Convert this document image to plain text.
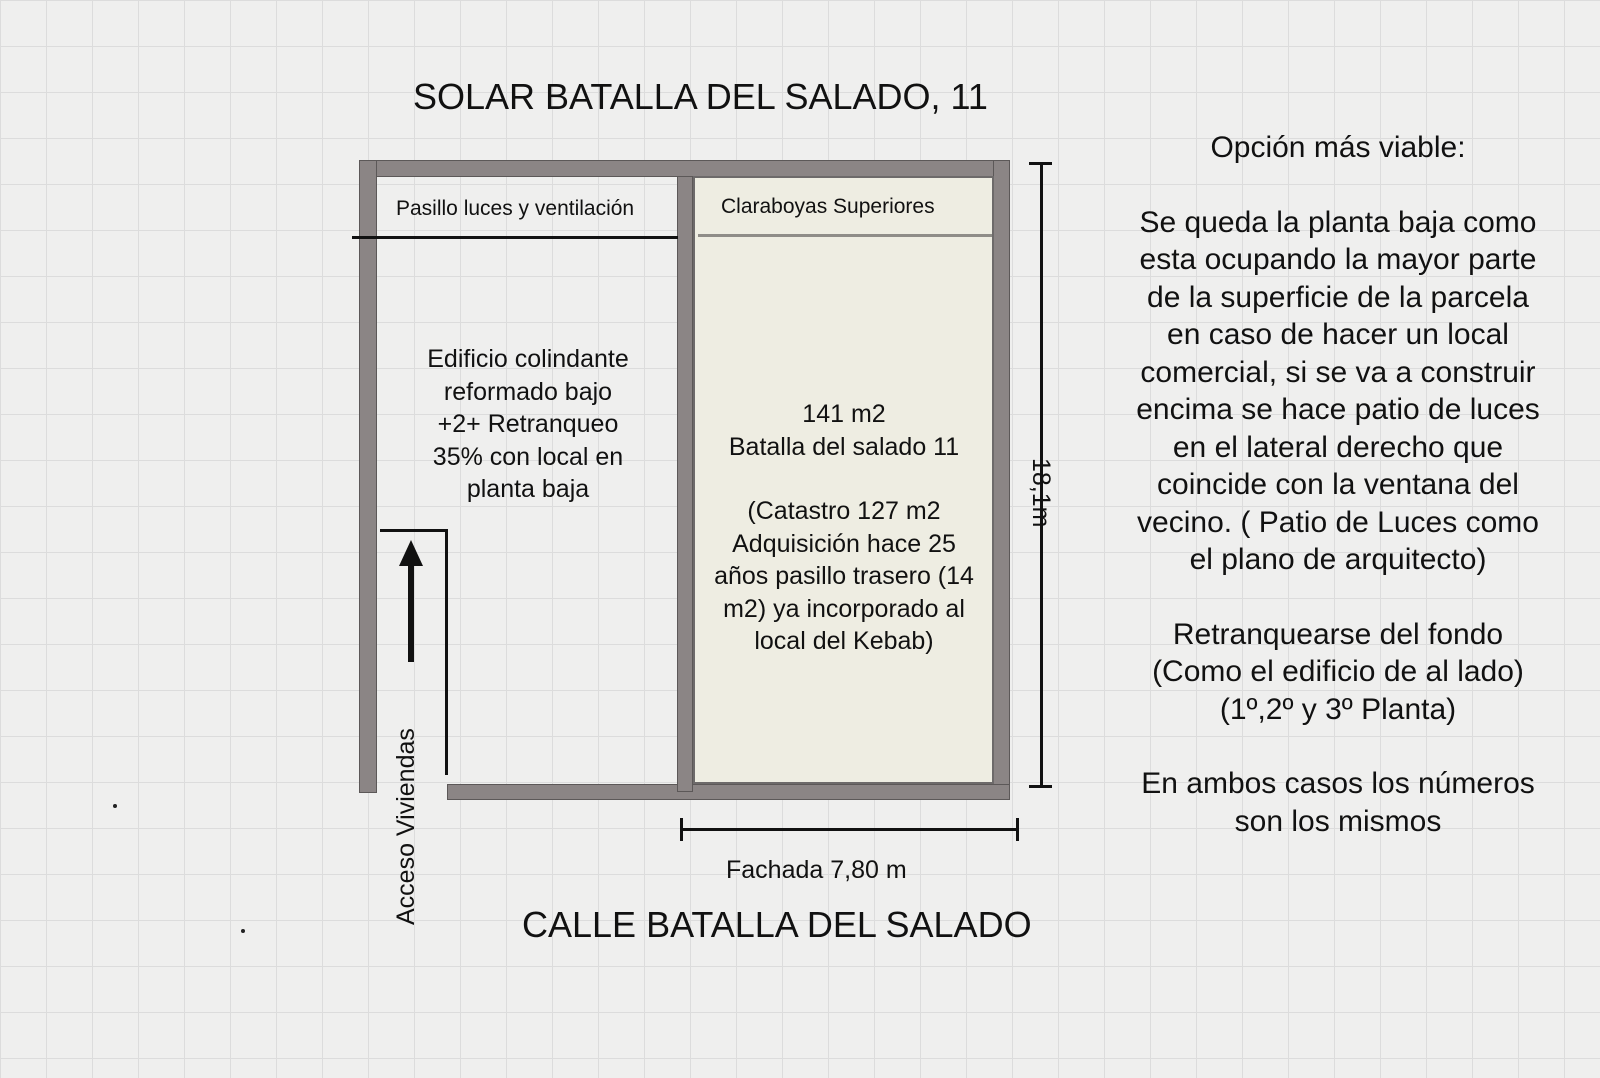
SOLAR BATALLA DEL SALADO, 11
CALLE BATALLA DEL SALADO
Pasillo luces y ventilación	Claraboyas Superiores
Edificio colindante
reformado bajo
+2+ Retranqueo
35% con local en
planta baja
141 m2
Batalla del salado 11
(Catastro 127 m2
Adquisición hace 25
años pasillo trasero (14
m2) ya incorporado al
local del Kebab)
Acceso Viviendas
18,1m
Fachada 7,80 m
Opción más viable:
Se queda la planta baja como
esta ocupando la mayor parte
de la superficie de la parcela
en caso de hacer un local
comercial, si se va a construir
encima se hace patio de luces
en el lateral derecho que
coincide con la ventana del
vecino. ( Patio de Luces como
el plano de arquitecto)
Retranquearse del fondo
(Como el edificio de al lado)
(1º,2º y 3º Planta)
En ambos casos los números
son los mismos
